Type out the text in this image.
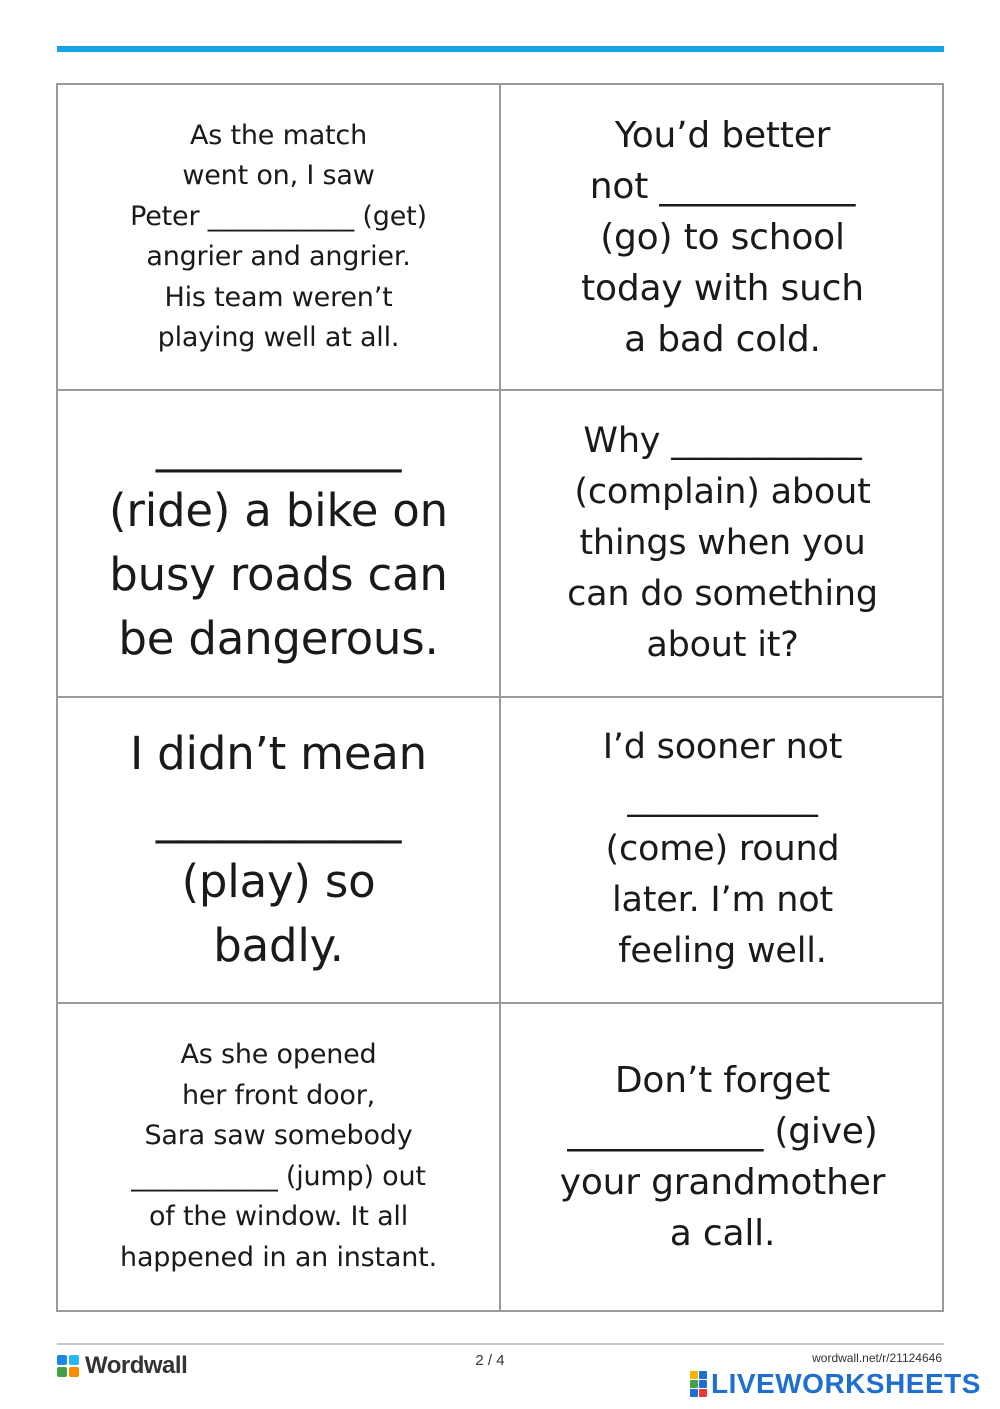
As the match
went on, I saw
Peter ___________ (get)
angrier and angrier.
His team weren’t
playing well at all.
You’d better
not ___________
(go) to school
today with such
a bad cold.
___________
(ride) a bike on
busy roads can
be dangerous.
Why ___________
(complain) about
things when you
can do something
about it?
I didn’t mean
___________
(play) so
badly.
I’d sooner not
___________
(come) round
later. I’m not
feeling well.
As she opened
her front door,
Sara saw somebody
___________ (jump) out
of the window. It all
happened in an instant.
Don’t forget
___________ (give)
your grandmother
a call.
Wordwall	2 / 4	wordwall.net/r/21124646
LIVEWORKSHEETS
